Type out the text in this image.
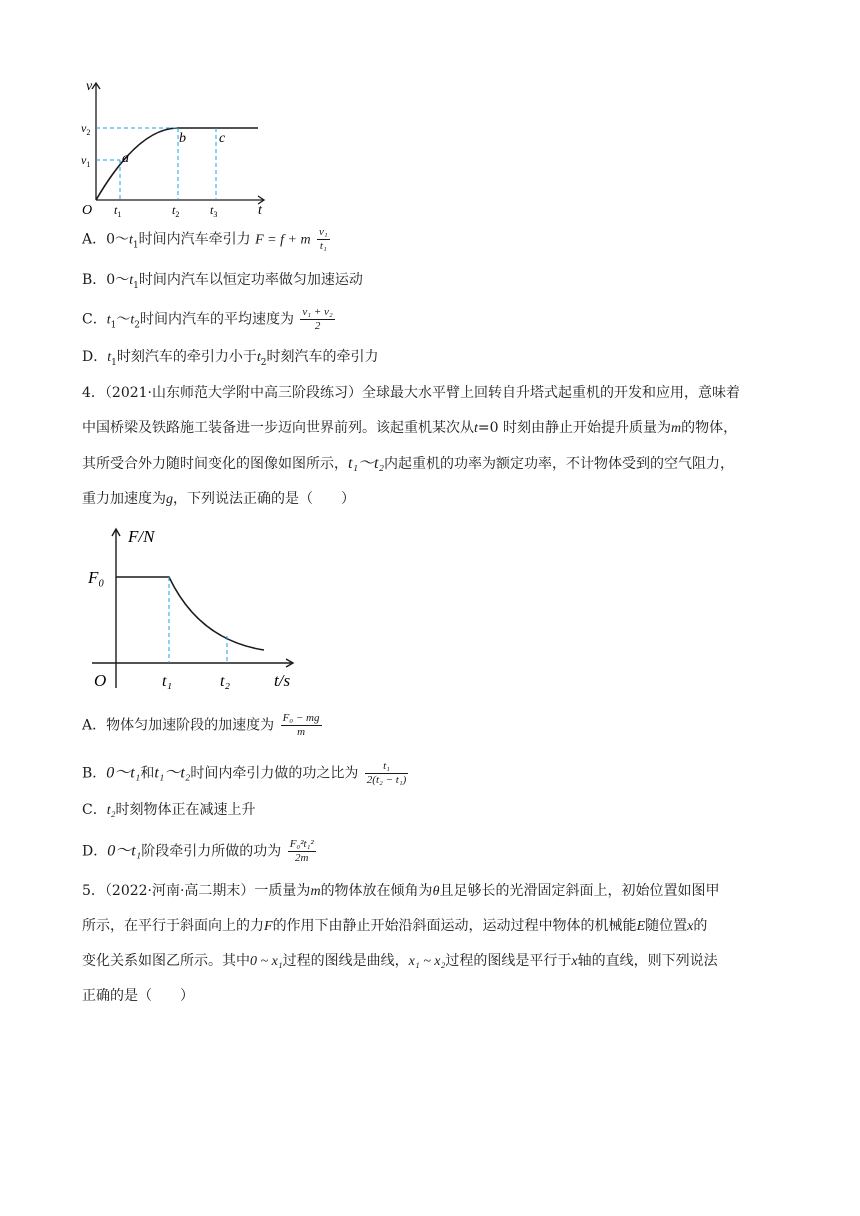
v
t
O
$v_2$
$v_1$
$t_1$	$t_2$	$t_3$
a
b c
A．$0\sim t_1$时间内汽车牵引力 F = f + m $\frac{\text{v₁}}{\text{t₁}}$
B．$0\sim t_1$时间内汽车以恒定功率做匀加速运动
C．$t_1\sim t_2$时间内汽车的平均速度为 $\frac{\text{v₁ + v₂}}{2}$
D．$t_1$时刻汽车的牵引力小于$t_2$时刻汽车的牵引力
4．（2021·山东师范大学附中高三阶段练习）全球最大水平臂上回转自升塔式起重机的开发和应用，意味着
中国桥梁及铁路施工装备进一步迈向世界前列。该起重机某次从t=0 时刻由静止开始提升质量为m的物体，
其所受合外力随时间变化的图像如图所示，t₁～t₂内起重机的功率为额定功率，不计物体受到的空气阻力，
重力加速度为g，下列说法正确的是（　　）
F/N
F₀
O	t₁	t₂	t/s
A．物体匀加速阶段的加速度为 $\frac{\text{F₀ − mg}}{m}$
B．0～t₁和t₁～t₂时间内牵引力做的功之比为 $\frac{\text{t₁}}{\text{2(t₂ − t₁)}}$
C．t₂时刻物体正在减速上升
D．0～t₁阶段牵引力所做的功为 $\frac{\text{F₀²t₁²}}{2m}$
5．（2022·河南·高二期末）一质量为m的物体放在倾角为θ且足够长的光滑固定斜面上，初始位置如图甲
所示，在平行于斜面向上的力F的作用下由静止开始沿斜面运动，运动过程中物体的机械能E随位置x的
变化关系如图乙所示。其中0 ~ x₁过程的图线是曲线，x₁ ~ x₂过程的图线是平行于x轴的直线，则下列说法
正确的是（　　）
